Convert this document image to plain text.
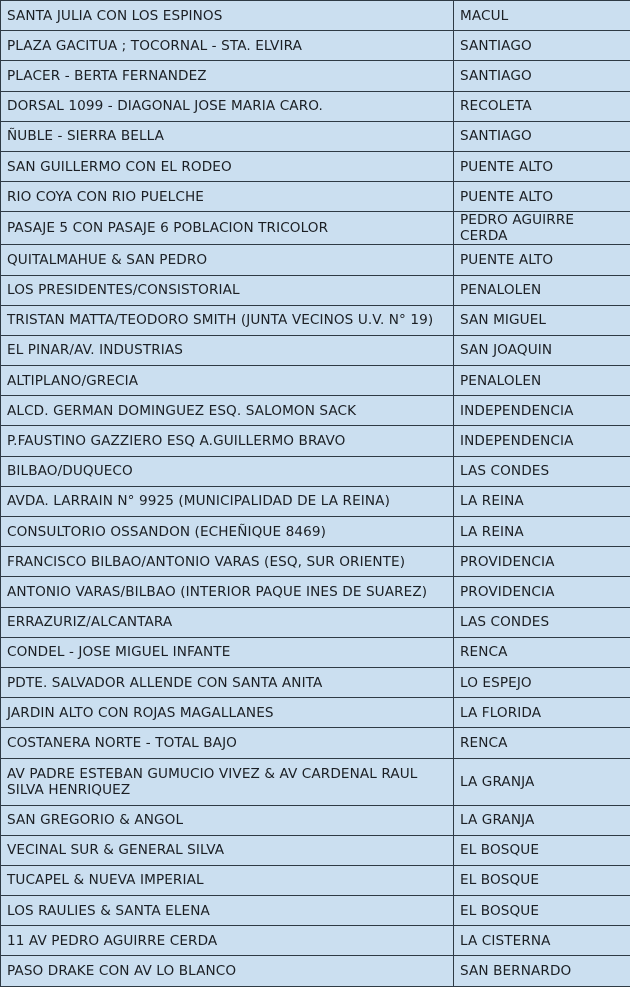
SANTA JULIA CON LOS ESPINOS	MACUL
PLAZA GACITUA ; TOCORNAL - STA. ELVIRA	SANTIAGO
PLACER - BERTA FERNANDEZ	SANTIAGO
DORSAL 1099 - DIAGONAL JOSE MARIA CARO.	RECOLETA
ÑUBLE - SIERRA BELLA	SANTIAGO
SAN GUILLERMO CON EL RODEO	PUENTE ALTO
RIO COYA CON RIO PUELCHE	PUENTE ALTO
PASAJE 5 CON PASAJE 6 POBLACION TRICOLOR	PEDRO AGUIRRE CERDA
QUITALMAHUE & SAN PEDRO	PUENTE ALTO
LOS PRESIDENTES/CONSISTORIAL	PENALOLEN
TRISTAN MATTA/TEODORO SMITH (JUNTA VECINOS U.V. N° 19)	SAN MIGUEL
EL PINAR/AV. INDUSTRIAS	SAN JOAQUIN
ALTIPLANO/GRECIA	PENALOLEN
ALCD. GERMAN DOMINGUEZ ESQ. SALOMON SACK	INDEPENDENCIA
P.FAUSTINO GAZZIERO ESQ A.GUILLERMO BRAVO	INDEPENDENCIA
BILBAO/DUQUECO	LAS CONDES
AVDA. LARRAIN N° 9925 (MUNICIPALIDAD DE LA REINA)	LA REINA
CONSULTORIO OSSANDON (ECHEÑIQUE 8469)	LA REINA
FRANCISCO BILBAO/ANTONIO VARAS (ESQ, SUR ORIENTE)	PROVIDENCIA
ANTONIO VARAS/BILBAO (INTERIOR PAQUE INES DE SUAREZ)	PROVIDENCIA
ERRAZURIZ/ALCANTARA	LAS CONDES
CONDEL - JOSE MIGUEL INFANTE	RENCA
PDTE. SALVADOR ALLENDE CON SANTA ANITA	LO ESPEJO
JARDIN ALTO CON ROJAS MAGALLANES	LA FLORIDA
COSTANERA NORTE - TOTAL BAJO	RENCA
AV PADRE ESTEBAN GUMUCIO VIVEZ & AV CARDENAL RAUL SILVA HENRIQUEZ	LA GRANJA
SAN GREGORIO & ANGOL	LA GRANJA
VECINAL SUR & GENERAL SILVA	EL BOSQUE
TUCAPEL & NUEVA IMPERIAL	EL BOSQUE
LOS RAULIES & SANTA ELENA	EL BOSQUE
11 AV PEDRO AGUIRRE CERDA	LA CISTERNA
PASO DRAKE CON AV LO BLANCO	SAN BERNARDO
